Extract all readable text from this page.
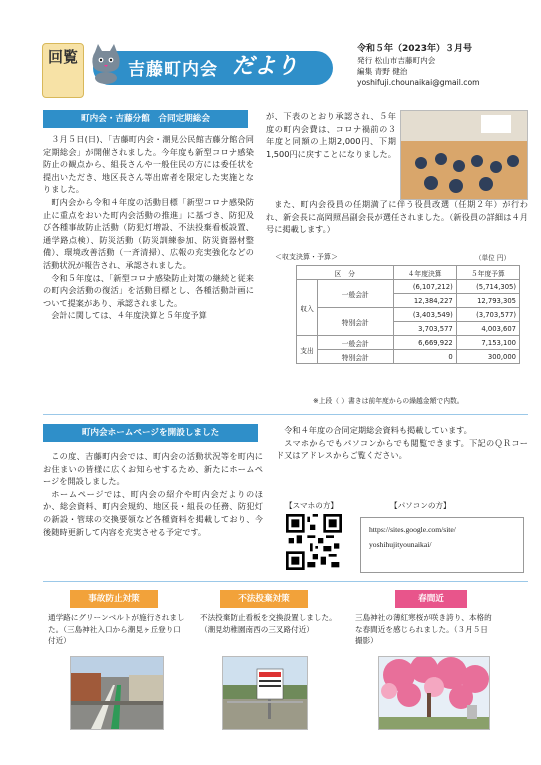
回覧
吉藤町内会 だより
令和５年（2023年）３月号
発行 松山市吉藤町内会
編集 青野 健治
yoshifuji.chounaikai@gmail.com
町内会・吉藤分館　合同定期総会
３月５日(日)、「吉藤町内会・潮見公民館吉藤分館合同定期総会」が開催されました。今年度も新型コロナ感染防止の観点から、組長さんや一般住民の方には委任状を提出いただき、地区長さん等出席者を限定した実施となりました。
町内会から令和４年度の活動目標「新型コロナ感染防止に重点をおいた町内会活動の推進」に基づき、防犯及び各種事故防止活動（防犯灯増設、不法投棄看板設置、通学路点検）、防災活動（防災訓練参加、防災資器材整備）、環境改善活動（一斉清掃）、広報の充実強化などの活動状況が報告され、承認されました。
令和５年度は、「新型コロナ感染防止対策の継続と従来の町内会活動の復活」を活動目標とし、各種活動計画について提案があり、承認されました。
会計に関しては、４年度決算と５年度予算
が、下表のとおり承認され、５年度の町内会費は、コロナ禍前の３年度と同額の上期2,000円、下期1,500円に戻すことになりました。
また、町内会役員の任期満了に伴う役員改選（任期２年）が行われ、新会長に高岡照昌副会長が選任されました。（新役員の詳細は４月号に掲載します。）
＜収支決算・予算＞	（単位 円）
区　分		４年度決算	５年度予算
収入	一般会計	(6,107,212)	(5,714,305)
		12,384,227	12,793,305
	特別会計	(3,403,549)	(3,703,577)
		3,703,577	4,003,607
支出	一般会計	6,669,922	7,153,100
	特別会計	0	300,000
※上段（ ）書きは前年度からの繰越金額で内数。
町内会ホームページを開設しました
この度、吉藤町内会では、町内会の活動状況等を町内にお住まいの皆様に広くお知らせするため、新たにホームページを開設しました。
ホームページでは、町内会の紹介や町内会だよりのほか、総会資料、町内会規約、地区長・組長の任務、防犯灯の新設・管球の交換要領など各種資料を掲載しており、今後随時更新して内容を充実させる予定です。
令和４年度の合同定期総会資料も掲載しています。
スマホからでもパソコンからでも閲覧できます。下記のＱＲコード又はアドレスからご覧ください。
【スマホの方】	【パソコンの方】
https://sites.google.com/site/
yoshihujityounaikai/
事故防止対策	不法投棄対策	春間近
通学路にグリーンベルトが施行されました。（三島神社入口から潮見ヶ丘登り口付近）
不法投棄防止看板を交換設置しました。（潮見幼稚園南西の三叉路付近）
三島神社の薄紅寒桜が咲き誇り、本格的な春間近を感じられました。（３月５日撮影）
